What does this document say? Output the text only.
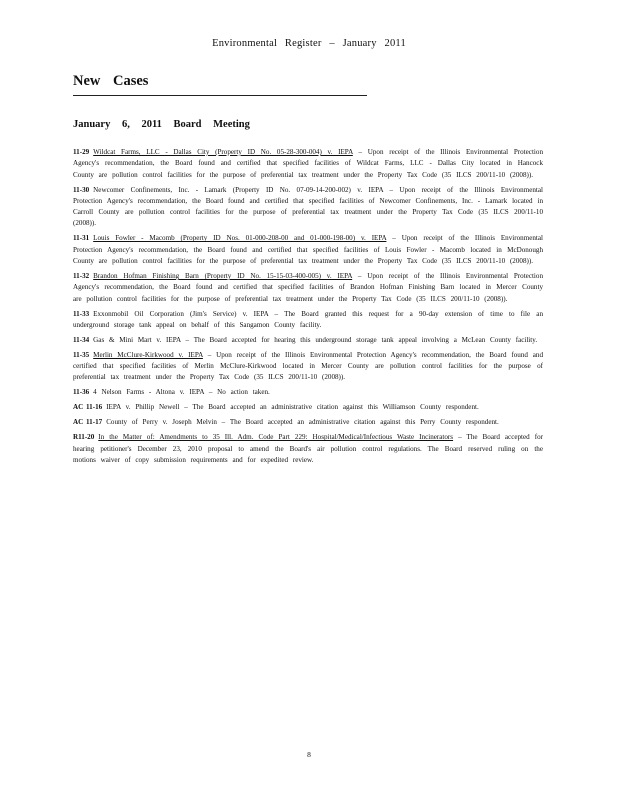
Environmental Register – January 2011
New Cases
January 6, 2011 Board Meeting

11-29 Wildcat Farms, LLC - Dallas City (Property ID No. 05-28-300-004) v. IEPA – Upon receipt of the Illinois Environmental Protection Agency's recommendation, the Board found and certified that specified facilities of Wildcat Farms, LLC - Dallas City located in Hancock County are pollution control facilities for the purpose of preferential tax treatment under the Property Tax Code (35 ILCS 200/11-10 (2008)).

11-30 Newcomer Confinements, Inc. - Lamark (Property ID No. 07-09-14-200-002) v. IEPA – Upon receipt of the Illinois Environmental Protection Agency's recommendation, the Board found and certified that specified facilities of Newcomer Confinements, Inc. - Lamark located in Carroll County are pollution control facilities for the purpose of preferential tax treatment under the Property Tax Code (35 ILCS 200/11-10 (2008)).

11-31 Louis Fowler - Macomb (Property ID Nos. 01-000-208-00 and 01-000-198-00) v. IEPA – Upon receipt of the Illinois Environmental Protection Agency's recommendation, the Board found and certified that specified facilities of Louis Fowler - Macomb located in McDonough County are pollution control facilities for the purpose of preferential tax treatment under the Property Tax Code (35 ILCS 200/11-10 (2008)).

11-32 Brandon Hofman Finishing Barn (Property ID No. 15-15-03-400-005) v. IEPA – Upon receipt of the Illinois Environmental Protection Agency's recommendation, the Board found and certified that specified facilities of Brandon Hofman Finishing Barn located in Mercer County are pollution control facilities for the purpose of preferential tax treatment under the Property Tax Code (35 ILCS 200/11-10 (2008)).

11-33 Exxonmobil Oil Corporation (Jim's Service) v. IEPA – The Board granted this request for a 90-day extension of time to file an underground storage tank appeal on behalf of this Sangamon County facility.

11-34 Gas & Mini Mart v. IEPA – The Board accepted for hearing this underground storage tank appeal involving a McLean County facility.

11-35 Merlin McClure-Kirkwood v. IEPA – Upon receipt of the Illinois Environmental Protection Agency's recommendation, the Board found and certified that specified facilities of Merlin McClure-Kirkwood located in Mercer County are pollution control facilities for the purpose of preferential tax treatment under the Property Tax Code (35 ILCS 200/11-10 (2008)).

11-36 4 Nelson Farms - Altona v. IEPA – No action taken.

AC 11-16 IEPA v. Phillip Newell – The Board accepted an administrative citation against this Williamson County respondent.

AC 11-17 County of Perry v. Joseph Melvin – The Board accepted an administrative citation against this Perry County respondent.

R11-20 In the Matter of: Amendments to 35 Ill. Adm. Code Part 229: Hospital/Medical/Infectious Waste Incinerators – The Board accepted for hearing petitioner's December 23, 2010 proposal to amend the Board's air pollution control regulations. The Board reserved ruling on the motions waiver of copy submission requirements and for expedited review.

8
